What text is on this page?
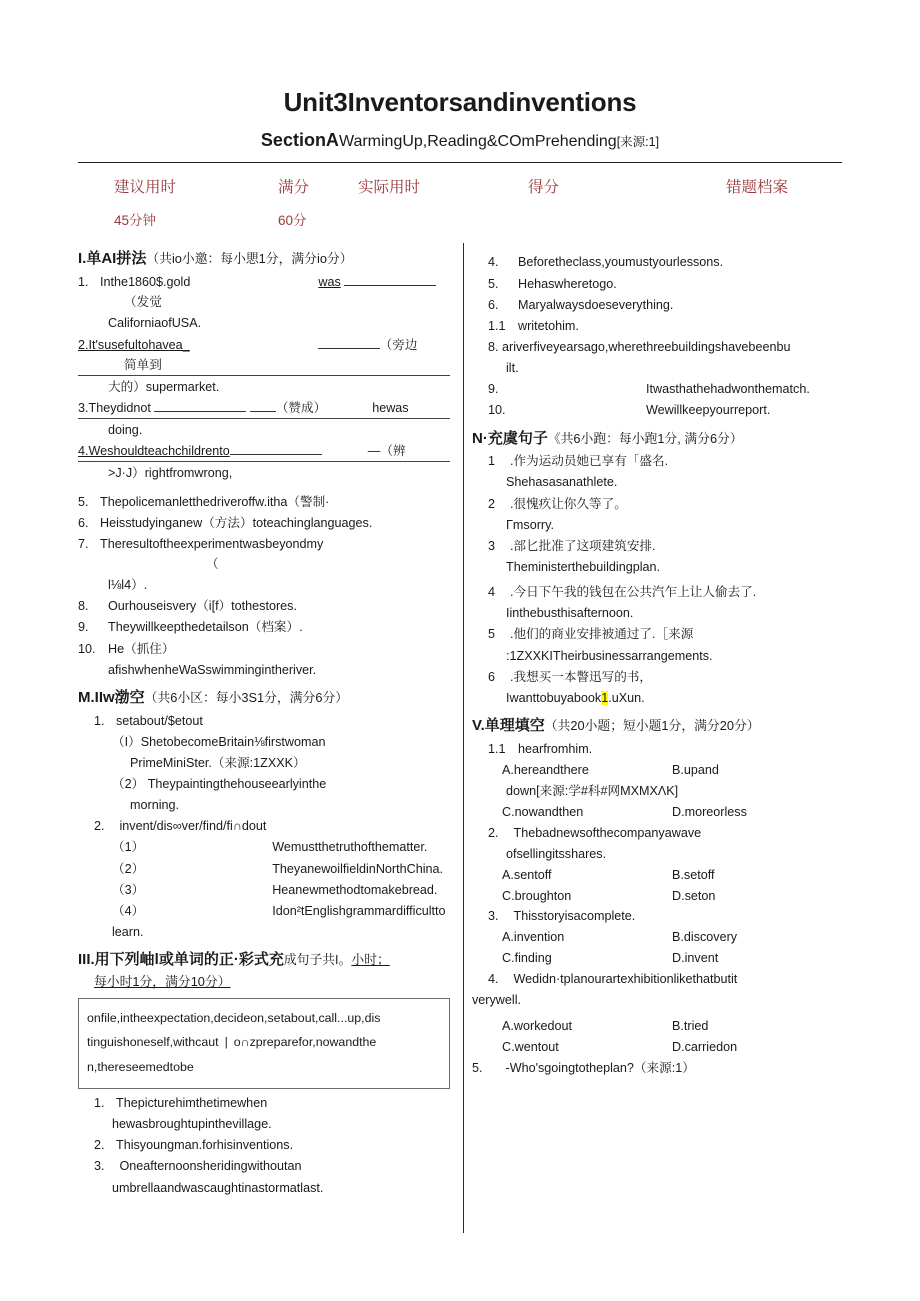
Unit3Inventorsandinventions
SectionAWarmingUp,Reading&COmPrehending[来源:1]
建议用时	满分	实际用时	得分	错题档案
45分钟	60分
I.单AI拼法（共io小邀：每小愳1分，满分io分）
1. Inthe1860$.gold	was （发觉
CaliforniaofUSA.
2.It'susefultohavea_	（旁边简单到
大的）supermarket.
3.Theydidnot	（赞成）	hewas
doing.
4.Weshouldteachchildrento	—（辨
>J·J）rightfromwrong,
5. Thepolicemanletthedriveroffw.itha（警制·
6. Heisstudyinganew（方法）toteachinglanguages.
7. Theresultoftheexperimentwasbeyondmy（
l⅛l4）.
8. Ourhouseisvery（i[f）tothestores.
9. Theywillkeepthedetailson（档案）.
10. He（抓住）
afishwhenheWaSswimmingintheriver.
M.IIw渤空（共6小区：每小3S1分，满分6分）
1. setabout/$etout
（I）ShetobecomeBritain⅛firstwoman
PrimeMiniSter.（来源:1ZXXK）
（2） Theypaintingthehouseearlyinthe
morning.
2. invent/dis∞ver/find/fi∩dout
（1）	Wemustthetruthofthematter.
（2）	TheyanewoilfieldinNorthChina.
（3）	Heanewmethodtomakebread.
（4）	Idon²tEnglishgrammardifficultto
learn.
III.用下列岫l或单词的正·彩式充成句子共I。小时；
每小时1分，满分10分）
onfile,intheexpectation,decideon,setabout,call...up,dis
tinguishoneself,withcaut | o∩zpreparefor,nowandthe
n,thereseemedtobe
1. Thepicturehimthetimewhen
hewasbroughtupinthevillage.
2. Thisyoungman.forhisinventions.
3. Oneafternoonsheridingwithoutan
umbrellaandwascaughtinastormatlast.
4. Beforetheclass,youmustyourlessons.
5. Hehaswheretogo.
6. Maryalwaysdoeseverything.
1.1 writetohim.
8. ariverfiveyearsago,wherethreebuildingshavebeenbu
ilt.
9.	Itwasthathehadwonthematch.
10.	Wewillkeepyourreport.
N·充虞句子《共6小跑：每小跑1分, 满分6分）
1 .作为运动员她已享有「盛名.
Shehasasanathlete.
2 .很愧疚让你久等了。
Γmsorry.
3 .部匕批准了这项建筑安排.
Theministerthebuildingplan.
4 .今日下午我的钱包在公共汽乍上让人偷去了.
Iinthebusthisafternoon.
5 .他们的商业安排被通过了.［来源
:1ZXXKITheirbusinessarrangements.
6 .我想买一本瞥迅写的书，
Iwanttobuyabook1.uXun.
V.单理填空（共20小题；短小题1分，满分20分）
1.1 hearfromhim.
A.hereandthere	B.upand
down[来源:学#科#网MXMXΛK]
C.nowandthen	D.moreorless
2. Thebadnewsofthecompanyawave
ofsellingitsshares.
A.sentoff	B.setoff
C.broughton	D.seton
3. Thisstoryisacomplete.
A.invention	B.discovery
C.finding	D.invent
4. Wedidn·tplanourartexhibitionlikethatbutit
verywell.
A.workedout	B.tried
C.wentout	D.carriedon
5. -Who'sgoingtotheplan?（来源:1）
